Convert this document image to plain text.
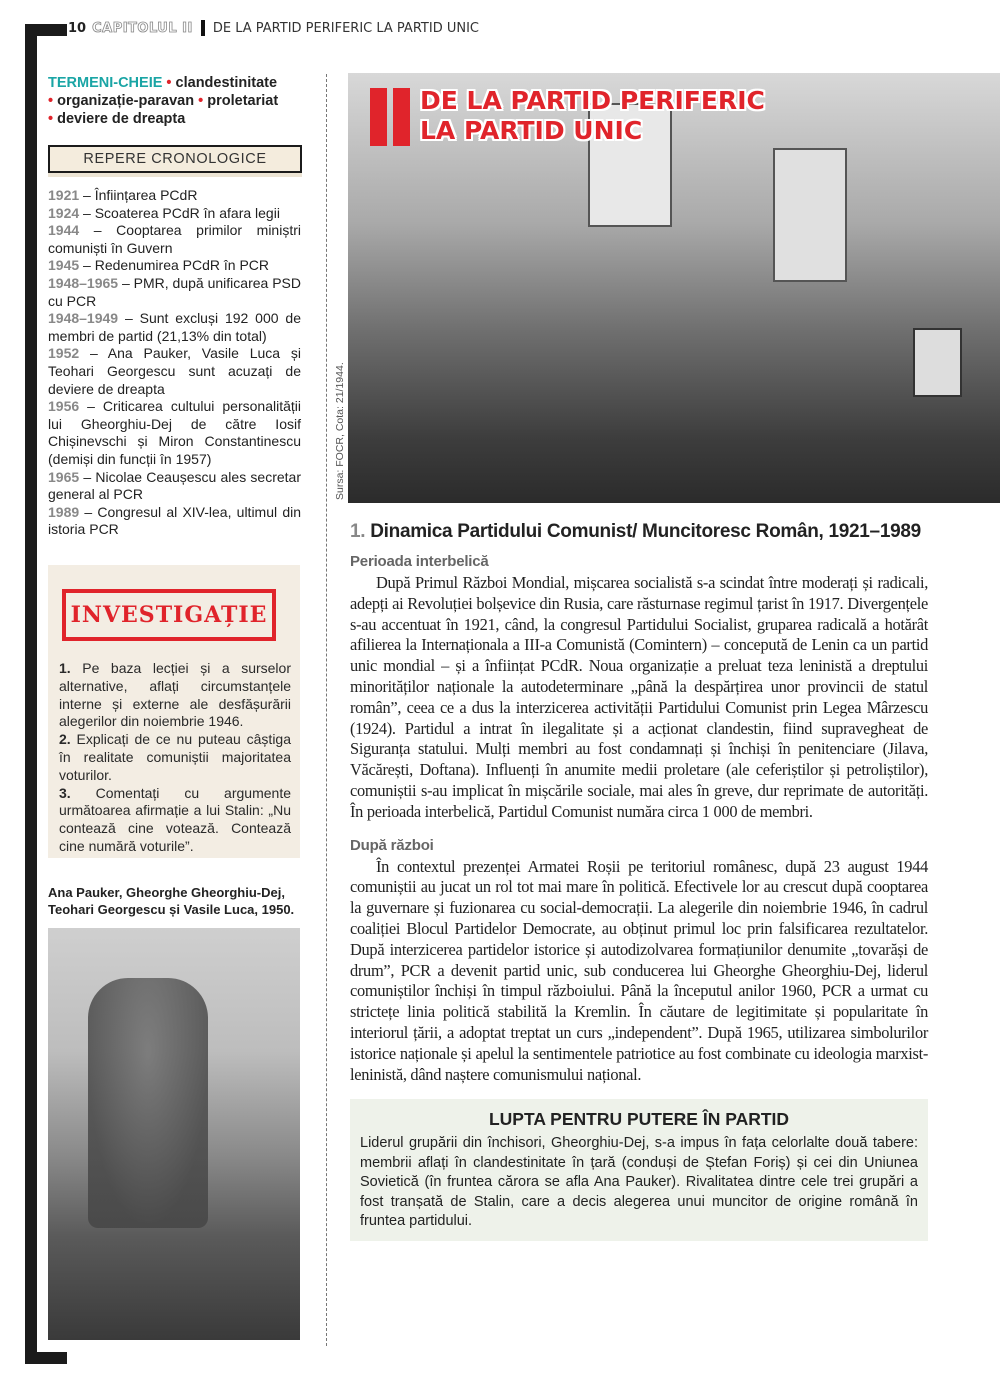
10 CAPITOLUL II DE LA PARTID PERIFERIC LA PARTID UNIC
TERMENI-CHEIE • clandestinitate
• organizație-paravan • proletariat
• deviere de dreapta
REPERE CRONOLOGICE
1921 – Înființarea PCdR
1924 – Scoaterea PCdR în afara legii
1944 – Cooptarea primilor miniștri comuniști în Guvern
1945 – Redenumirea PCdR în PCR
1948–1965 – PMR, după unificarea PSD cu PCR
1948–1949 – Sunt excluși 192 000 de membri de partid (21,13% din total)
1952 – Ana Pauker, Vasile Luca și Teohari Georgescu sunt acuzați de deviere de dreapta
1956 – Criticarea cultului personalității lui Gheorghiu-Dej de către Iosif Chișinevschi și Miron Constantinescu (demiși din funcții în 1957)
1965 – Nicolae Ceaușescu ales secretar general al PCR
1989 – Congresul al XIV-lea, ultimul din istoria PCR
INVESTIGAȚIE
1. Pe baza lecției și a surselor alternative, aflați circumstanțele interne și externe ale desfășurării alegerilor din noiembrie 1946.
2. Explicați de ce nu puteau câștiga în realitate comuniștii majoritatea voturilor.
3. Comentați cu argumente următoarea afirmație a lui Stalin: „Nu contează cine votează. Contează cine numără voturile”.
Ana Pauker, Gheorghe Gheorghiu-Dej, Teohari Georgescu și Vasile Luca, 1950.
DE LA PARTID PERIFERIC
LA PARTID UNIC
Sursa: FOCR, Cota: 21/1944.
1. Dinamica Partidului Comunist/ Muncitoresc Român, 1921–1989
Perioada interbelică

După Primul Război Mondial, mișcarea socialistă s-a scindat între moderați și radicali, adepți ai Revoluției bolșevice din Rusia, care răsturnase regimul țarist în 1917. Divergențele s-au accentuat în 1921, când, la congresul Partidului Socialist, gruparea radicală a hotărât afilierea la Internaționala a III-a Comunistă (Comintern) – concepută de Lenin ca un partid unic mondial – și a înființat PCdR. Noua organizație a preluat teza leninistă a dreptului minorităților naționale la autodeterminare „până la despărțirea unor provincii de statul român”, ceea ce a dus la interzicerea activității Partidului Comunist prin Legea Mârzescu (1924). Partidul a intrat în ilegalitate și a acționat clandestin, fiind supravegheat de Siguranța statului. Mulți membri au fost condamnați și închiși în penitenciare (Jilava, Văcărești, Doftana). Influenți în anumite medii proletare (ale ceferiștilor și petroliștilor), comuniștii s-au implicat în mișcările sociale, mai ales în greve, dur reprimate de autorități. În perioada interbelică, Partidul Comunist număra circa 1 000 de membri.

După război

În contextul prezenței Armatei Roșii pe teritoriul românesc, după 23 august 1944 comuniștii au jucat un rol tot mai mare în politică. Efectivele lor au crescut după cooptarea la guvernare și fuzionarea cu social-democrații. La alegerile din noiembrie 1946, în cadrul coaliției Blocul Partidelor Democrate, au obținut primul loc prin falsificarea rezultatelor. După interzicerea partidelor istorice și autodizolvarea formațiunilor denumite „tovarăși de drum”, PCR a devenit partid unic, sub conducerea lui Gheorghe Gheorghiu-Dej, liderul comuniștilor închiși în timpul războiului. Până la începutul anilor 1960, PCR a urmat cu strictețe linia politică stabilită la Kremlin. În căutare de legitimitate și popularitate în interiorul țării, a adoptat treptat un curs „independent”. După 1965, utilizarea simbolurilor istorice naționale și apelul la sentimentele patriotice au fost combinate cu ideologia marxist-leninistă, dând naștere comunismului național.

LUPTA PENTRU PUTERE ÎN PARTID

Liderul grupării din închisori, Gheorghiu-Dej, s-a impus în fața celorlalte două tabere: membrii aflați în clandestinitate în țară (conduși de Ștefan Foriș) și cei din Uniunea Sovietică (în fruntea cărora se afla Ana Pauker). Rivalitatea dintre cele trei grupări a fost tranșată de Stalin, care a decis alegerea unui muncitor de origine română în fruntea partidului.
